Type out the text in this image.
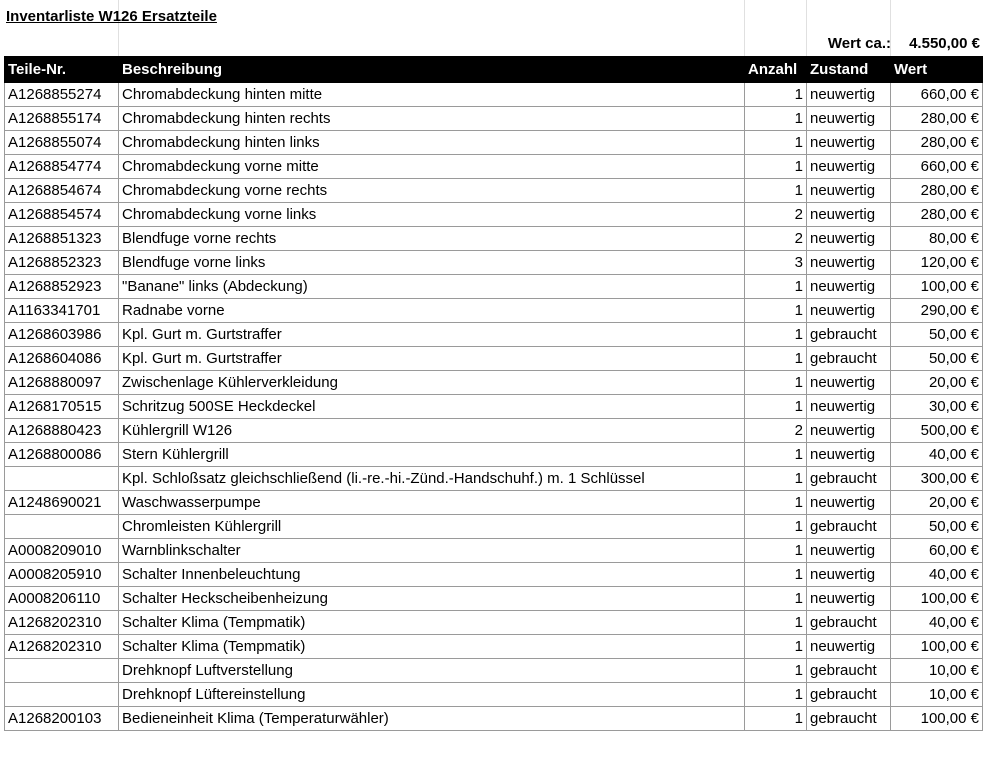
Inventarliste W126 Ersatzteile
Wert ca.:	4.550,00 €
Teile-Nr.	Beschreibung	Anzahl	Zustand	Wert
A1268855274	Chromabdeckung hinten mitte	1	neuwertig	660,00 €
A1268855174	Chromabdeckung hinten rechts	1	neuwertig	280,00 €
A1268855074	Chromabdeckung hinten links	1	neuwertig	280,00 €
A1268854774	Chromabdeckung vorne mitte	1	neuwertig	660,00 €
A1268854674	Chromabdeckung vorne rechts	1	neuwertig	280,00 €
A1268854574	Chromabdeckung vorne links	2	neuwertig	280,00 €
A1268851323	Blendfuge vorne rechts	2	neuwertig	80,00 €
A1268852323	Blendfuge vorne links	3	neuwertig	120,00 €
A1268852923	"Banane" links (Abdeckung)	1	neuwertig	100,00 €
A1163341701	Radnabe vorne	1	neuwertig	290,00 €
A1268603986	Kpl. Gurt m. Gurtstraffer	1	gebraucht	50,00 €
A1268604086	Kpl. Gurt m. Gurtstraffer	1	gebraucht	50,00 €
A1268880097	Zwischenlage Kühlerverkleidung	1	neuwertig	20,00 €
A1268170515	Schritzug 500SE Heckdeckel	1	neuwertig	30,00 €
A1268880423	Kühlergrill W126	2	neuwertig	500,00 €
A1268800086	Stern Kühlergrill	1	neuwertig	40,00 €
	Kpl. Schloßsatz gleichschließend (li.-re.-hi.-Zünd.-Handschuhf.) m. 1 Schlüssel	1	gebraucht	300,00 €
A1248690021	Waschwasserpumpe	1	neuwertig	20,00 €
	Chromleisten Kühlergrill	1	gebraucht	50,00 €
A0008209010	Warnblinkschalter	1	neuwertig	60,00 €
A0008205910	Schalter Innenbeleuchtung	1	neuwertig	40,00 €
A0008206110	Schalter Heckscheibenheizung	1	neuwertig	100,00 €
A1268202310	Schalter Klima (Tempmatik)	1	gebraucht	40,00 €
A1268202310	Schalter Klima (Tempmatik)	1	neuwertig	100,00 €
	Drehknopf Luftverstellung	1	gebraucht	10,00 €
	Drehknopf Lüftereinstellung	1	gebraucht	10,00 €
A1268200103	Bedieneinheit Klima (Temperaturwähler)	1	gebraucht	100,00 €
